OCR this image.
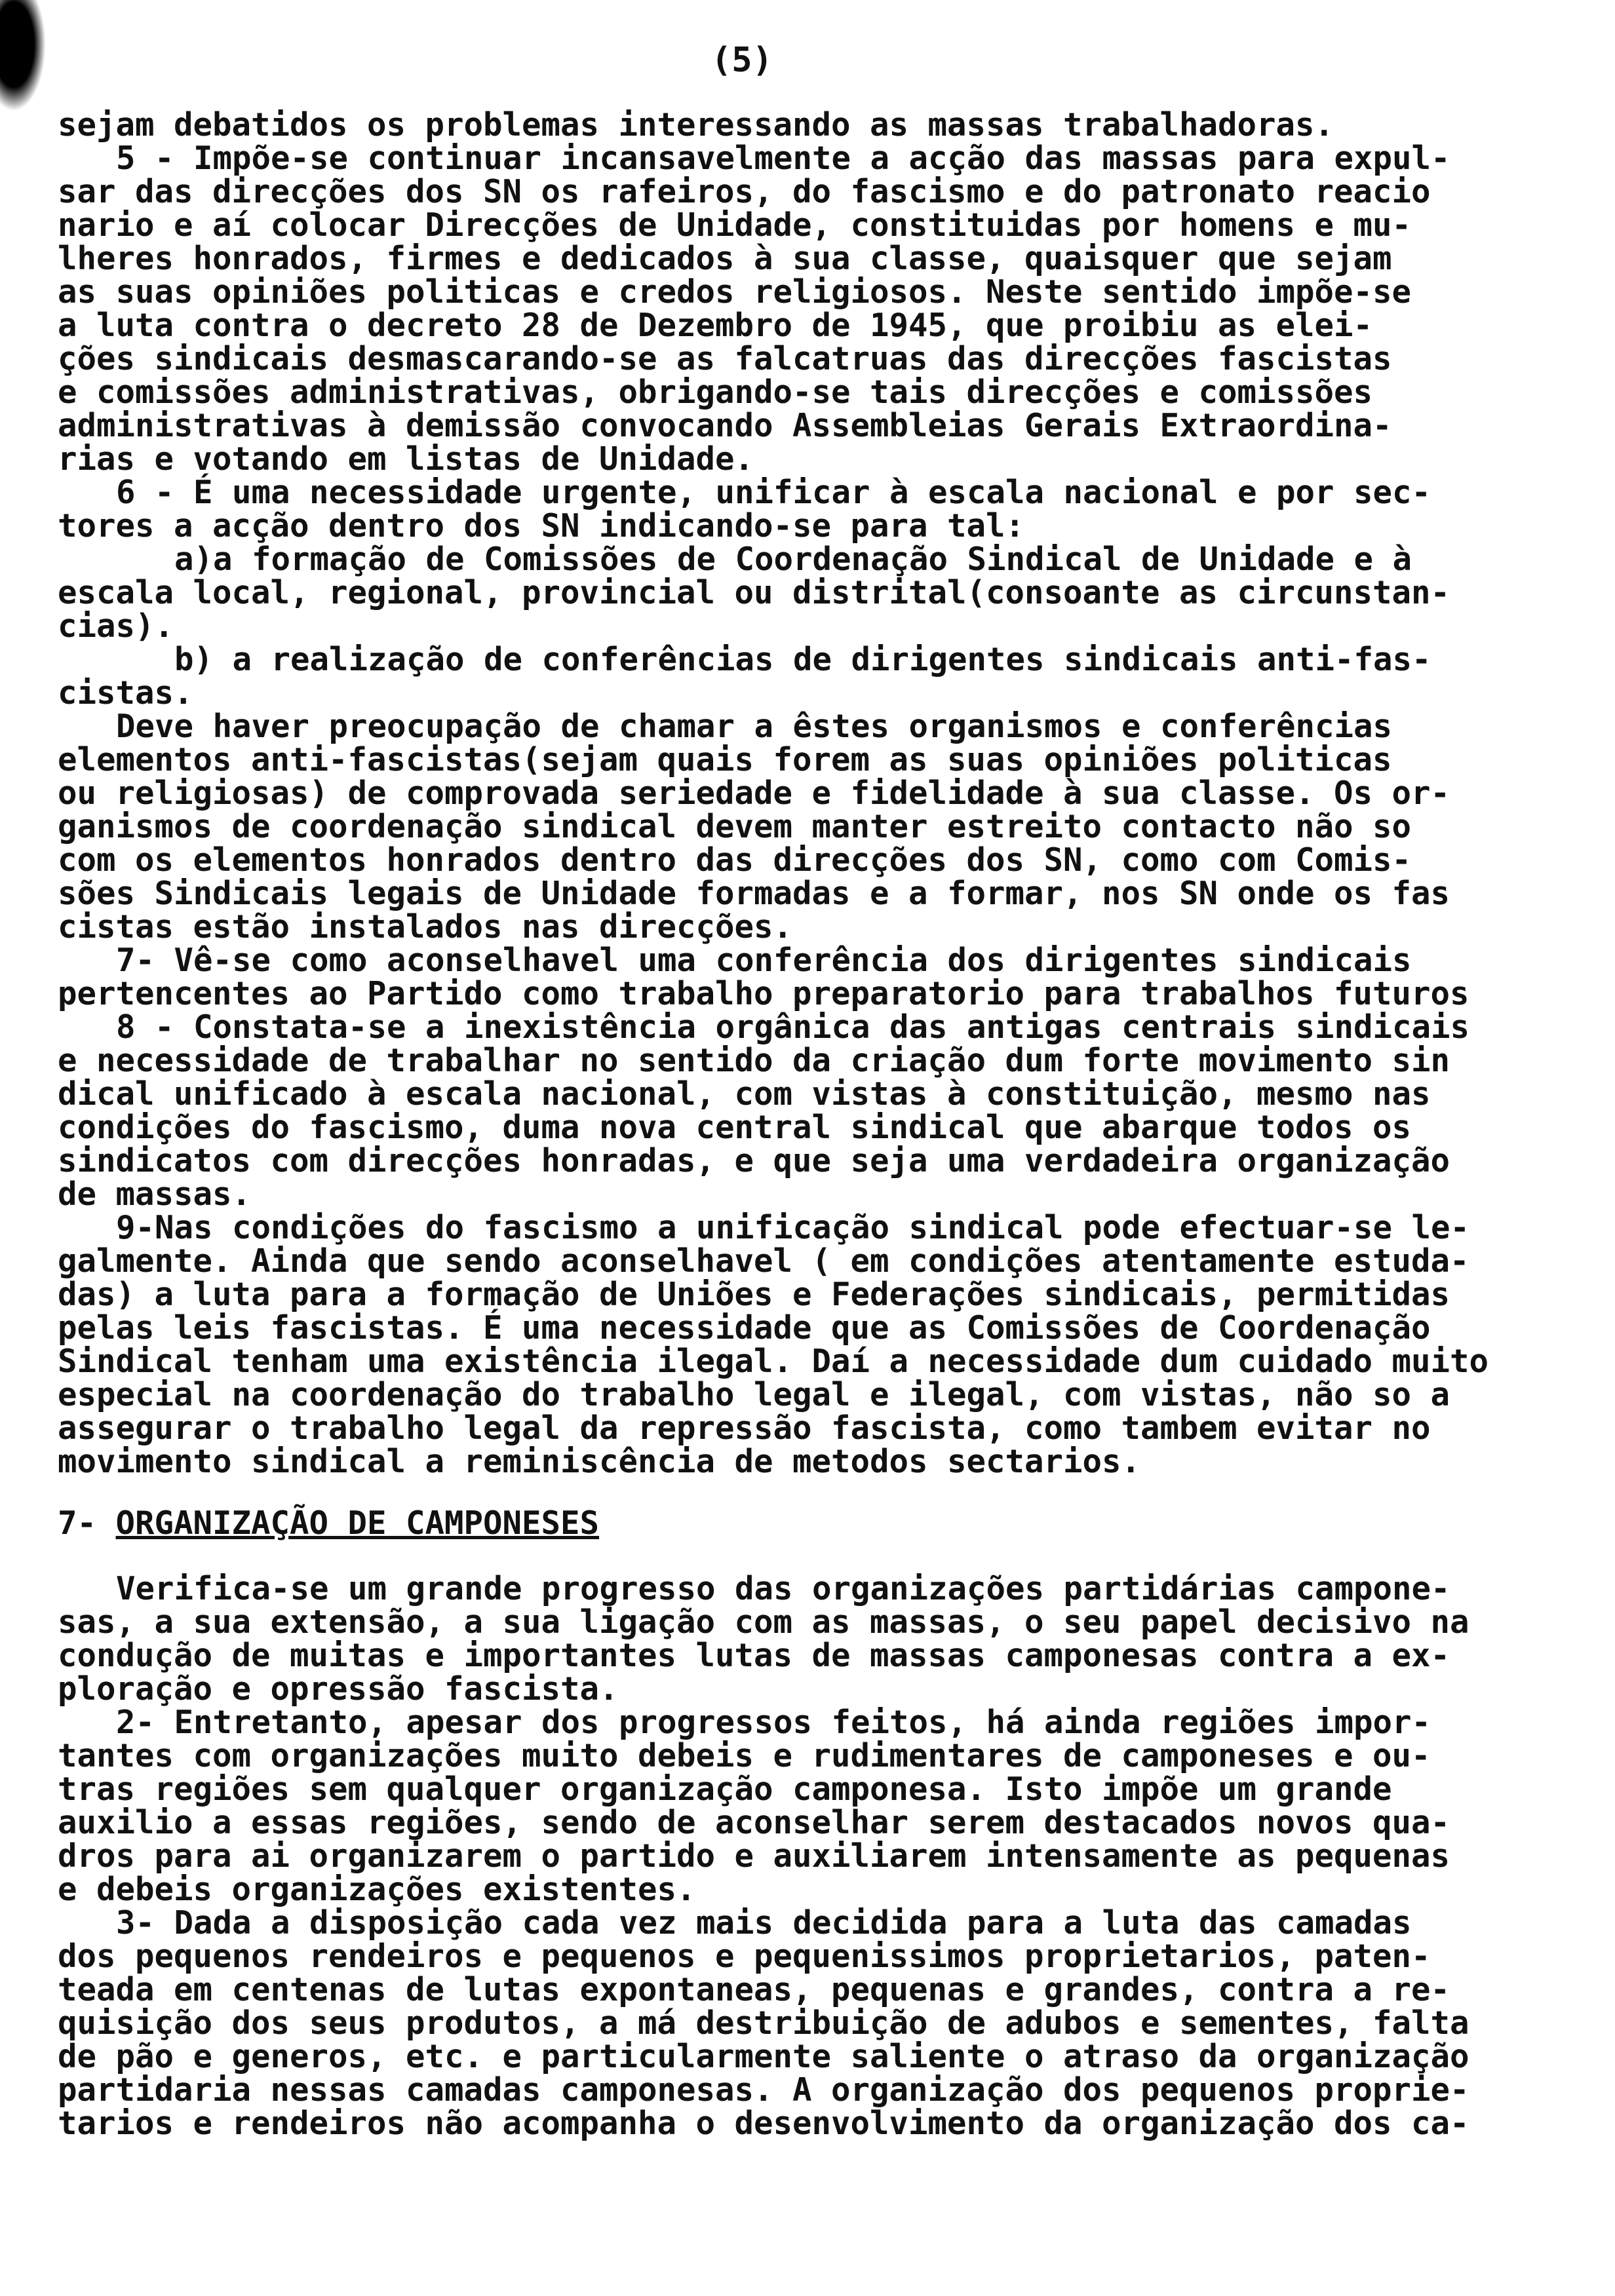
(5)
sejam debatidos os problemas interessando as massas trabalhadoras.
5 - Impõe-se continuar incansavelmente a acção das massas para expul-
sar das direcções dos SN os rafeiros, do fascismo e do patronato reacio
nario e aí colocar Direcções de Unidade, constituidas por homens e mu-
lheres honrados, firmes e dedicados à sua classe, quaisquer que sejam
as suas opiniões politicas e credos religiosos. Neste sentido impõe-se
a luta contra o decreto 28 de Dezembro de 1945, que proibiu as elei-
ções sindicais desmascarando-se as falcatruas das direcções fascistas
e comissões administrativas, obrigando-se tais direcções e comissões
administrativas à demissão convocando Assembleias Gerais Extraordina-
rias e votando em listas de Unidade.
6 - É uma necessidade urgente, unificar à escala nacional e por sec-
tores a acção dentro dos SN indicando-se para tal:
a)a formação de Comissões de Coordenação Sindical de Unidade e à
escala local, regional, provincial ou distrital(consoante as circunstan-
cias).
b) a realização de conferências de dirigentes sindicais anti-fas-
cistas.
Deve haver preocupação de chamar a êstes organismos e conferências
elementos anti-fascistas(sejam quais forem as suas opiniões politicas
ou religiosas) de comprovada seriedade e fidelidade à sua classe. Os or-
ganismos de coordenação sindical devem manter estreito contacto não so
com os elementos honrados dentro das direcções dos SN, como com Comis-
sões Sindicais legais de Unidade formadas e a formar, nos SN onde os fas
cistas estão instalados nas direcções.
7- Vê-se como aconselhavel uma conferência dos dirigentes sindicais
pertencentes ao Partido como trabalho preparatorio para trabalhos futuros
8 - Constata-se a inexistência orgânica das antigas centrais sindicais
e necessidade de trabalhar no sentido da criação dum forte movimento sin
dical unificado à escala nacional, com vistas à constituição, mesmo nas
condições do fascismo, duma nova central sindical que abarque todos os
sindicatos com direcções honradas, e que seja uma verdadeira organização
de massas.
9-Nas condições do fascismo a unificação sindical pode efectuar-se le-
galmente. Ainda que sendo aconselhavel ( em condições atentamente estuda-
das) a luta para a formação de Uniões e Federações sindicais, permitidas
pelas leis fascistas. É uma necessidade que as Comissões de Coordenação
Sindical tenham uma existência ilegal. Daí a necessidade dum cuidado muito
especial na coordenação do trabalho legal e ilegal, com vistas, não so a
assegurar o trabalho legal da repressão fascista, como tambem evitar no
movimento sindical a reminiscência de metodos sectarios.
7- ORGANIZAÇÃO DE CAMPONESES
Verifica-se um grande progresso das organizações partidárias campone-
sas, a sua extensão, a sua ligação com as massas, o seu papel decisivo na
condução de muitas e importantes lutas de massas camponesas contra a ex-
ploração e opressão fascista.
2- Entretanto, apesar dos progressos feitos, há ainda regiões impor-
tantes com organizações muito debeis e rudimentares de camponeses e ou-
tras regiões sem qualquer organização camponesa. Isto impõe um grande
auxilio a essas regiões, sendo de aconselhar serem destacados novos qua-
dros para ai organizarem o partido e auxiliarem intensamente as pequenas
e debeis organizações existentes.
3- Dada a disposição cada vez mais decidida para a luta das camadas
dos pequenos rendeiros e pequenos e pequenissimos proprietarios, paten-
teada em centenas de lutas expontaneas, pequenas e grandes, contra a re-
quisição dos seus produtos, a má destribuição de adubos e sementes, falta
de pão e generos, etc. e particularmente saliente o atraso da organização
partidaria nessas camadas camponesas. A organização dos pequenos proprie-
tarios e rendeiros não acompanha o desenvolvimento da organização dos ca-
